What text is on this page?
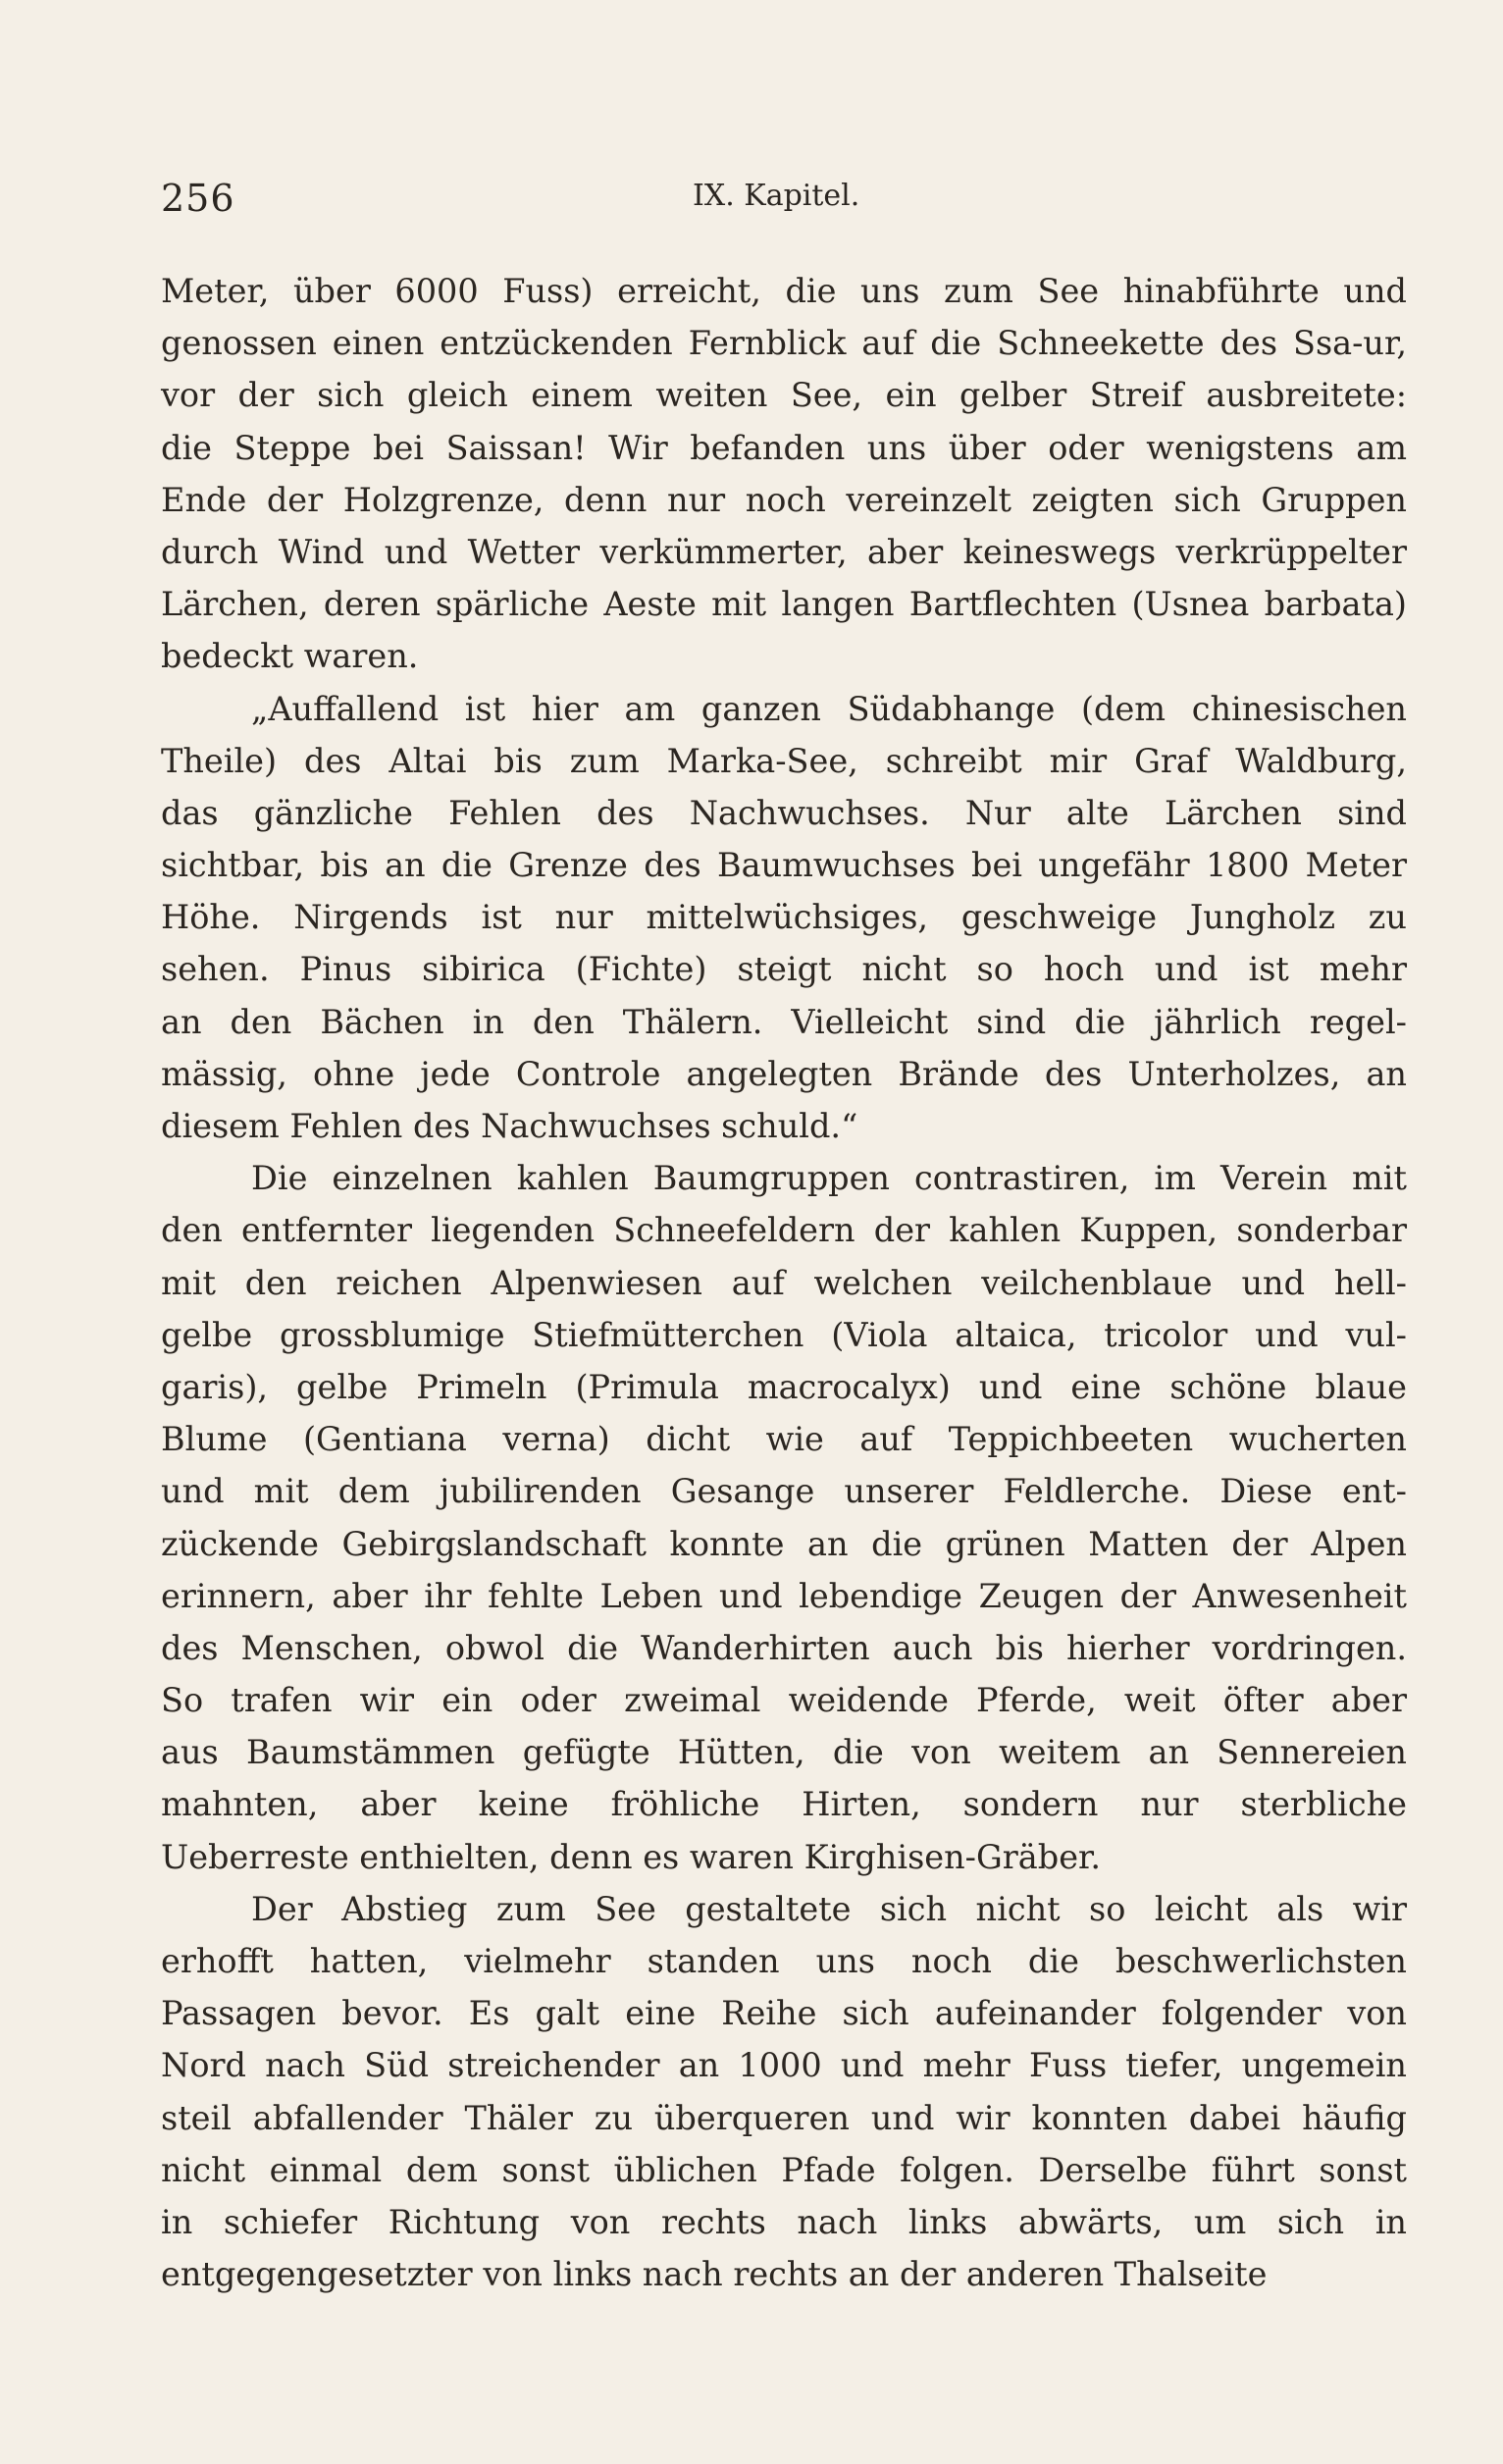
256	IX. Kapitel.
Meter, über 6000 Fuss) erreicht, die uns zum See hinabführte und
genossen einen entzückenden Fernblick auf die Schneekette des Ssa-ur,
vor der sich gleich einem weiten See, ein gelber Streif ausbreitete:
die Steppe bei Saissan! Wir befanden uns über oder wenigstens am
Ende der Holzgrenze, denn nur noch vereinzelt zeigten sich Gruppen
durch Wind und Wetter verkümmerter, aber keineswegs verkrüppelter
Lärchen, deren spärliche Aeste mit langen Bartflechten (Usnea barbata)
bedeckt waren.
„Auffallend ist hier am ganzen Südabhange (dem chinesischen
Theile) des Altai bis zum Marka-See, schreibt mir Graf Waldburg,
das gänzliche Fehlen des Nachwuchses. Nur alte Lärchen sind
sichtbar, bis an die Grenze des Baumwuchses bei ungefähr 1800 Meter
Höhe. Nirgends ist nur mittelwüchsiges, geschweige Jungholz zu
sehen. Pinus sibirica (Fichte) steigt nicht so hoch und ist mehr
an den Bächen in den Thälern. Vielleicht sind die jährlich regel-
mässig, ohne jede Controle angelegten Brände des Unterholzes, an
diesem Fehlen des Nachwuchses schuld.“
Die einzelnen kahlen Baumgruppen contrastiren, im Verein mit
den entfernter liegenden Schneefeldern der kahlen Kuppen, sonderbar
mit den reichen Alpenwiesen auf welchen veilchenblaue und hell-
gelbe grossblumige Stiefmütterchen (Viola altaica, tricolor und vul-
garis), gelbe Primeln (Primula macrocalyx) und eine schöne blaue
Blume (Gentiana verna) dicht wie auf Teppichbeeten wucherten
und mit dem jubilirenden Gesange unserer Feldlerche. Diese ent-
zückende Gebirgslandschaft konnte an die grünen Matten der Alpen
erinnern, aber ihr fehlte Leben und lebendige Zeugen der Anwesenheit
des Menschen, obwol die Wanderhirten auch bis hierher vordringen.
So trafen wir ein oder zweimal weidende Pferde, weit öfter aber
aus Baumstämmen gefügte Hütten, die von weitem an Sennereien
mahnten, aber keine fröhliche Hirten, sondern nur sterbliche
Ueberreste enthielten, denn es waren Kirghisen-Gräber.
Der Abstieg zum See gestaltete sich nicht so leicht als wir
erhofft hatten, vielmehr standen uns noch die beschwerlichsten
Passagen bevor. Es galt eine Reihe sich aufeinander folgender von
Nord nach Süd streichender an 1000 und mehr Fuss tiefer, ungemein
steil abfallender Thäler zu überqueren und wir konnten dabei häufig
nicht einmal dem sonst üblichen Pfade folgen. Derselbe führt sonst
in schiefer Richtung von rechts nach links abwärts, um sich in
entgegengesetzter von links nach rechts an der anderen Thalseite
